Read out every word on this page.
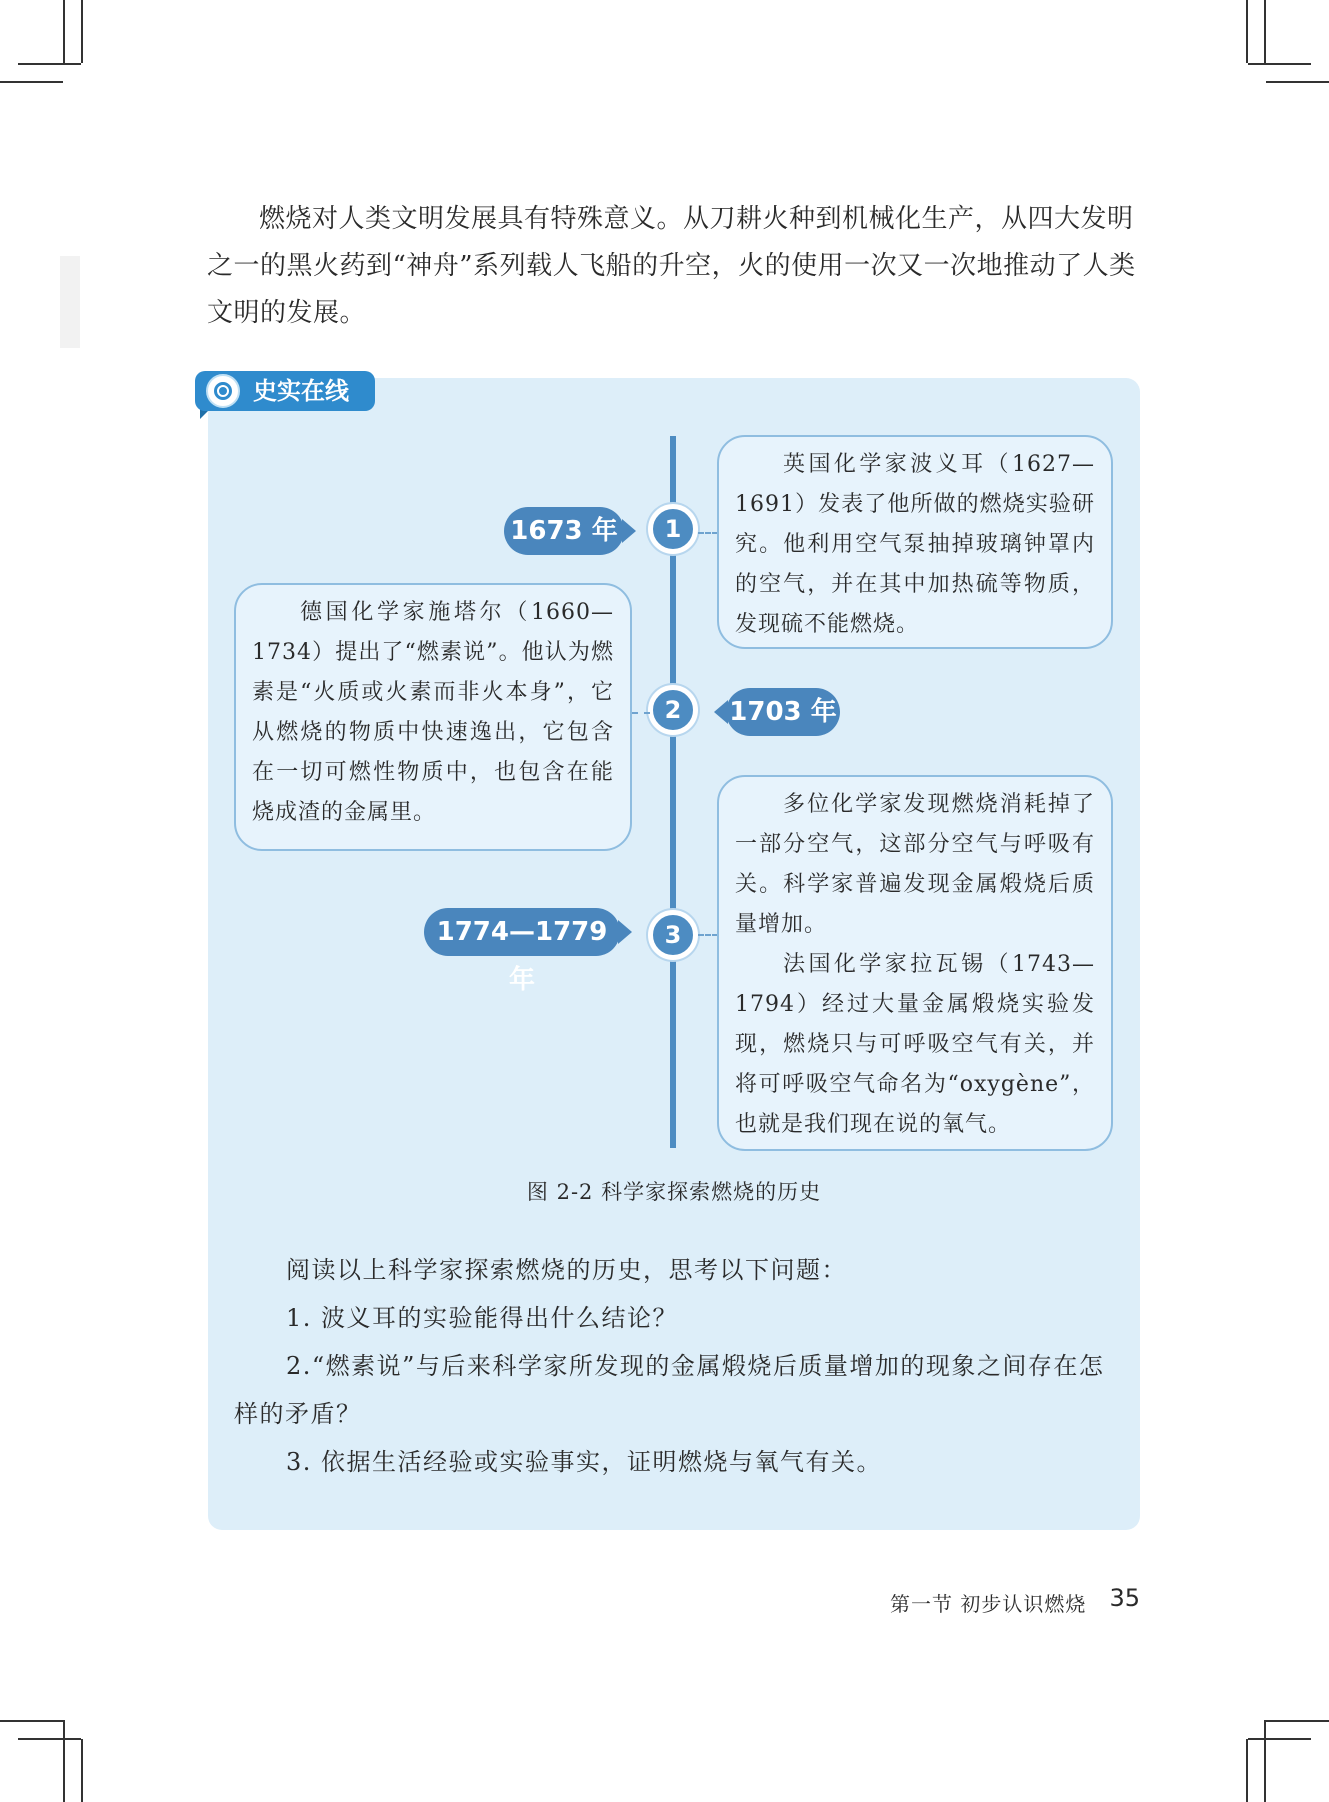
燃烧对人类文明发展具有特殊意义。从刀耕火种到机械化生产，从四大发明之一的黑火药到“神舟”系列载人飞船的升空，火的使用一次又一次地推动了人类文明的发展。

史实在线
1
1673 年

英国化学家波义耳（1627—1691）发表了他所做的燃烧实验研究。他利用空气泵抽掉玻璃钟罩内的空气，并在其中加热硫等物质，发现硫不能燃烧。

2	1703 年

德国化学家施塔尔（1660—1734）提出了“燃素说”。他认为燃素是“火质或火素而非火本身”，它从燃烧的物质中快速逸出，它包含在一切可燃性物质中，也包含在能烧成渣的金属里。

3
1774—1779 年

多位化学家发现燃烧消耗掉了一部分空气，这部分空气与呼吸有关。科学家普遍发现金属煅烧后质量增加。

法国化学家拉瓦锡（1743—1794）经过大量金属煅烧实验发现，燃烧只与可呼吸空气有关，并将可呼吸空气命名为“oxygène”，也就是我们现在说的氧气。

图 2-2 科学家探索燃烧的历史

阅读以上科学家探索燃烧的历史，思考以下问题：

1. 波义耳的实验能得出什么结论？

2.“燃素说”与后来科学家所发现的金属煅烧后质量增加的现象之间存在怎样的矛盾？

3. 依据生活经验或实验事实，证明燃烧与氧气有关。

第一节 初步认识燃烧 35
